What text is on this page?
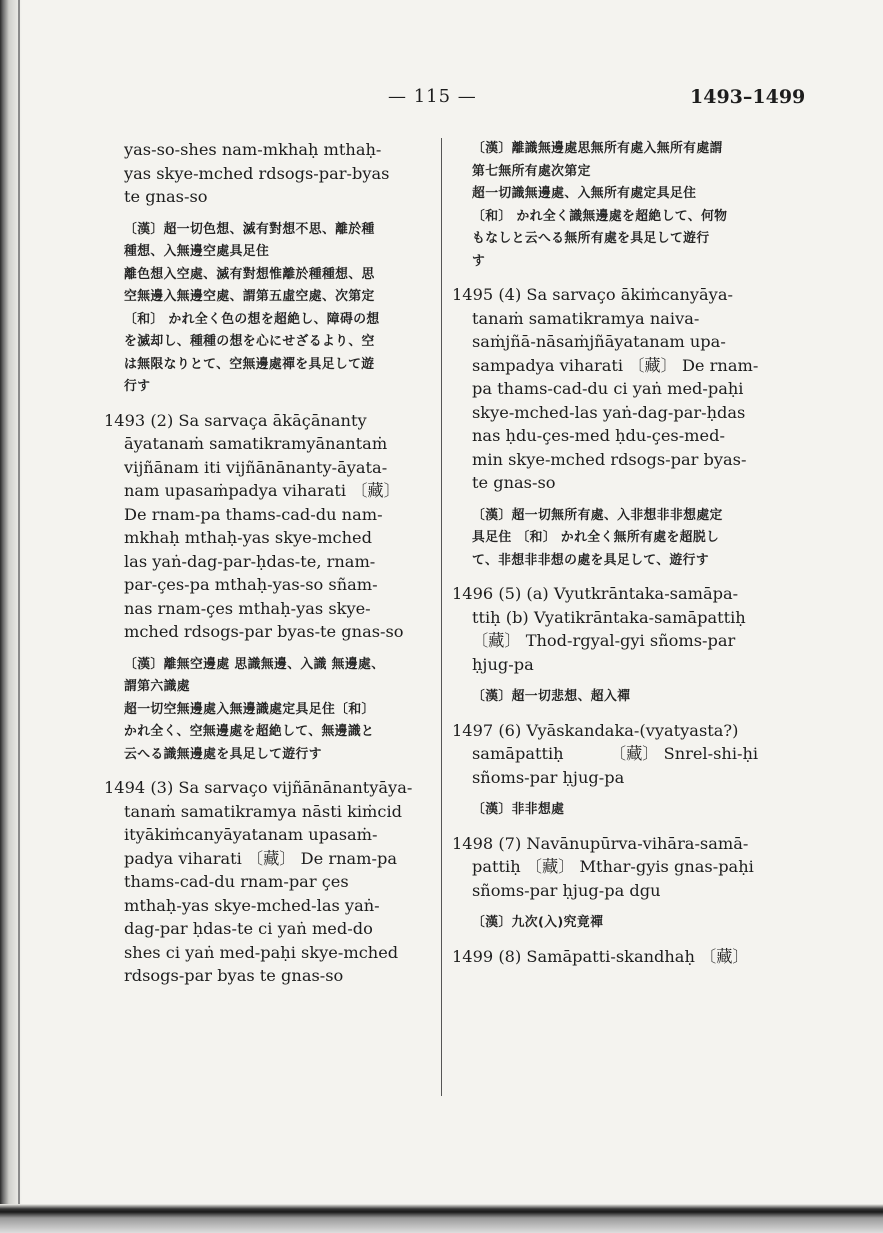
— 115 —	1493–1499
yas-so-shes nam-mkhaḥ mthaḥ-
yas skye-mched rdsogs-par-byas
te gnas-so
〔漢〕超一切色想、滅有對想不思、離於種
種想、入無邊空處具足住
離色想入空處、滅有對想惟離於種種想、思
空無邊入無邊空處、謂第五虛空處、次第定
〔和〕 かれ全く色の想を超絶し、障碍の想
を滅却し、種種の想を心にせざるより、空
は無限なりとて、空無邊處禪を具足して遊
行す
1493 (2) Sa sarvaça ākāçānanty
āyatanaṁ samatikramyānantaṁ
vijñānam iti vijñānānanty-āyata-
nam upasaṁpadya viharati 〔藏〕
De rnam-pa thams-cad-du nam-
mkhaḥ mthaḥ-yas skye-mched
las yaṅ-dag-par-ḥdas-te, rnam-
par-çes-pa mthaḥ-yas-so sñam-
nas rnam-çes mthaḥ-yas skye-
mched rdsogs-par byas-te gnas-so
〔漢〕離無空邊處 思識無邊、入識 無邊處、
謂第六識處
超一切空無邊處入無邊識處定具足住〔和〕
かれ全く、空無邊處を超絶して、無邊識と
云へる識無邊處を具足して遊行す
1494 (3) Sa sarvaço vijñānānantyāya-
tanaṁ samatikramya nāsti kiṁcid
ityākiṁcanyāyatanam upasaṁ-
padya viharati 〔藏〕 De rnam-pa
thams-cad-du rnam-par çes
mthaḥ-yas skye-mched-las yaṅ-
dag-par ḥdas-te ci yaṅ med-do
shes ci yaṅ med-paḥi skye-mched
rdsogs-par byas te gnas-so
〔漢〕離識無邊處思無所有處入無所有處謂
第七無所有處次第定
超一切識無邊處、入無所有處定具足住
〔和〕 かれ全く識無邊處を超絶して、何物
もなしと云へる無所有處を具足して遊行
す
1495 (4) Sa sarvaço ākiṁcanyāya-
tanaṁ samatikramya naiva-
saṁjñā-nāsaṁjñāyatanam upa-
sampadya viharati 〔藏〕 De rnam-
pa thams-cad-du ci yaṅ med-paḥi
skye-mched-las yaṅ-dag-par-ḥdas
nas ḥdu-çes-med ḥdu-çes-med-
min skye-mched rdsogs-par byas-
te gnas-so
〔漢〕超一切無所有處、入非想非非想處定
具足住 〔和〕 かれ全く無所有處を超脱し
て、非想非非想の處を具足して、遊行す
1496 (5) (a) Vyutkrāntaka-samāpa-
ttiḥ (b) Vyatikrāntaka-samāpattiḥ
〔藏〕 Thod-rgyal-gyi sñoms-par
ḥjug-pa
〔漢〕超一切悲想、超入禪
1497 (6) Vyāskandaka-(vyatyasta?)
samāpattiḥ         〔藏〕 Snrel-shi-ḥi
sñoms-par ḥjug-pa
〔漢〕非非想處
1498 (7) Navānupūrva-vihāra-samā-
pattiḥ 〔藏〕 Mthar-gyis gnas-paḥi
sñoms-par ḥjug-pa dgu
〔漢〕九次(入)究竟禪
1499 (8) Samāpatti-skandhaḥ 〔藏〕
